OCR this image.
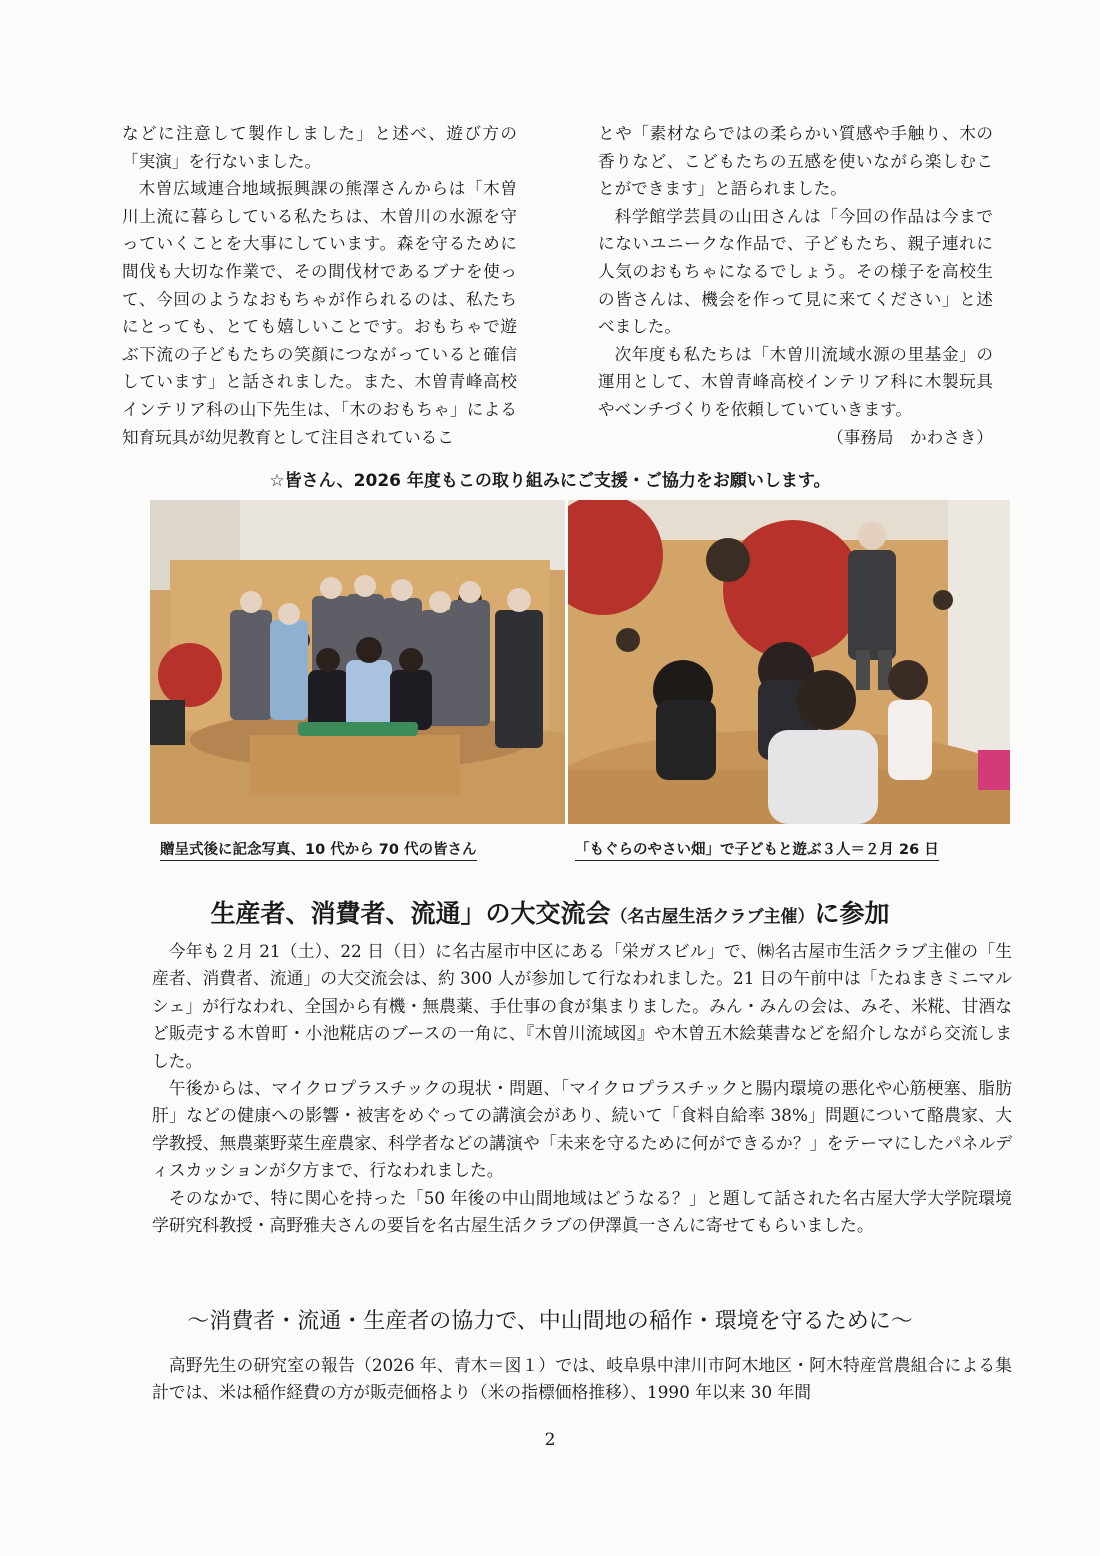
などに注意して製作しました」と述べ、遊び方の「実演」を行ないました。

木曽広域連合地域振興課の熊澤さんからは「木曽川上流に暮らしている私たちは、木曽川の水源を守っていくことを大事にしています。森を守るために間伐も大切な作業で、その間伐材であるブナを使って、今回のようなおもちゃが作られるのは、私たちにとっても、とても嬉しいことです。おもちゃで遊ぶ下流の子どもたちの笑顔につながっていると確信しています」と話されました。また、木曽青峰高校インテリア科の山下先生は、「木のおもちゃ」による知育玩具が幼児教育として注目されているこ

とや「素材ならではの柔らかい質感や手触り、木の香りなど、こどもたちの五感を使いながら楽しむことができます」と語られました。

科学館学芸員の山田さんは「今回の作品は今までにないユニークな作品で、子どもたち、親子連れに人気のおもちゃになるでしょう。その様子を高校生の皆さんは、機会を作って見に来てください」と述べました。

次年度も私たちは「木曽川流域水源の里基金」の運用として、木曽青峰高校インテリア科に木製玩具やベンチづくりを依頼していていきます。

（事務局　かわさき）

☆皆さん、2026 年度もこの取り組みにご支援・ご協力をお願いします。
贈呈式後に記念写真、10 代から 70 代の皆さん	「もぐらのやさい畑」で子どもと遊ぶ３人＝２月 26 日
生産者、消費者、流通」の大交流会（名古屋生活クラブ主催）に参加

今年も２月 21（土）、22 日（日）に名古屋市中区にある「栄ガスビル」で、㈱名古屋市生活クラブ主催の「生産者、消費者、流通」の大交流会は、約 300 人が参加して行なわれました。21 日の午前中は「たねまきミニマルシェ」が行なわれ、全国から有機・無農薬、手仕事の食が集まりました。みん・みんの会は、みそ、米糀、甘酒など販売する木曽町・小池糀店のブースの一角に、『木曽川流域図』や木曽五木絵葉書などを紹介しながら交流しました。

午後からは、マイクロプラスチックの現状・問題、「マイクロプラスチックと腸内環境の悪化や心筋梗塞、脂肪肝」などの健康への影響・被害をめぐっての講演会があり、続いて「食料自給率 38%」問題について酪農家、大学教授、無農薬野菜生産農家、科学者などの講演や「未来を守るために何ができるか？」をテーマにしたパネルディスカッションが夕方まで、行なわれました。

そのなかで、特に関心を持った「50 年後の中山間地域はどうなる？」と題して話された名古屋大学大学院環境学研究科教授・高野雅夫さんの要旨を名古屋生活クラブの伊澤眞一さんに寄せてもらいました。

～消費者・流通・生産者の協力で、中山間地の稲作・環境を守るために～

高野先生の研究室の報告（2026 年、青木＝図１）では、岐阜県中津川市阿木地区・阿木特産営農組合による集計では、米は稲作経費の方が販売価格より（米の指標価格推移）、1990 年以来 30 年間

2
